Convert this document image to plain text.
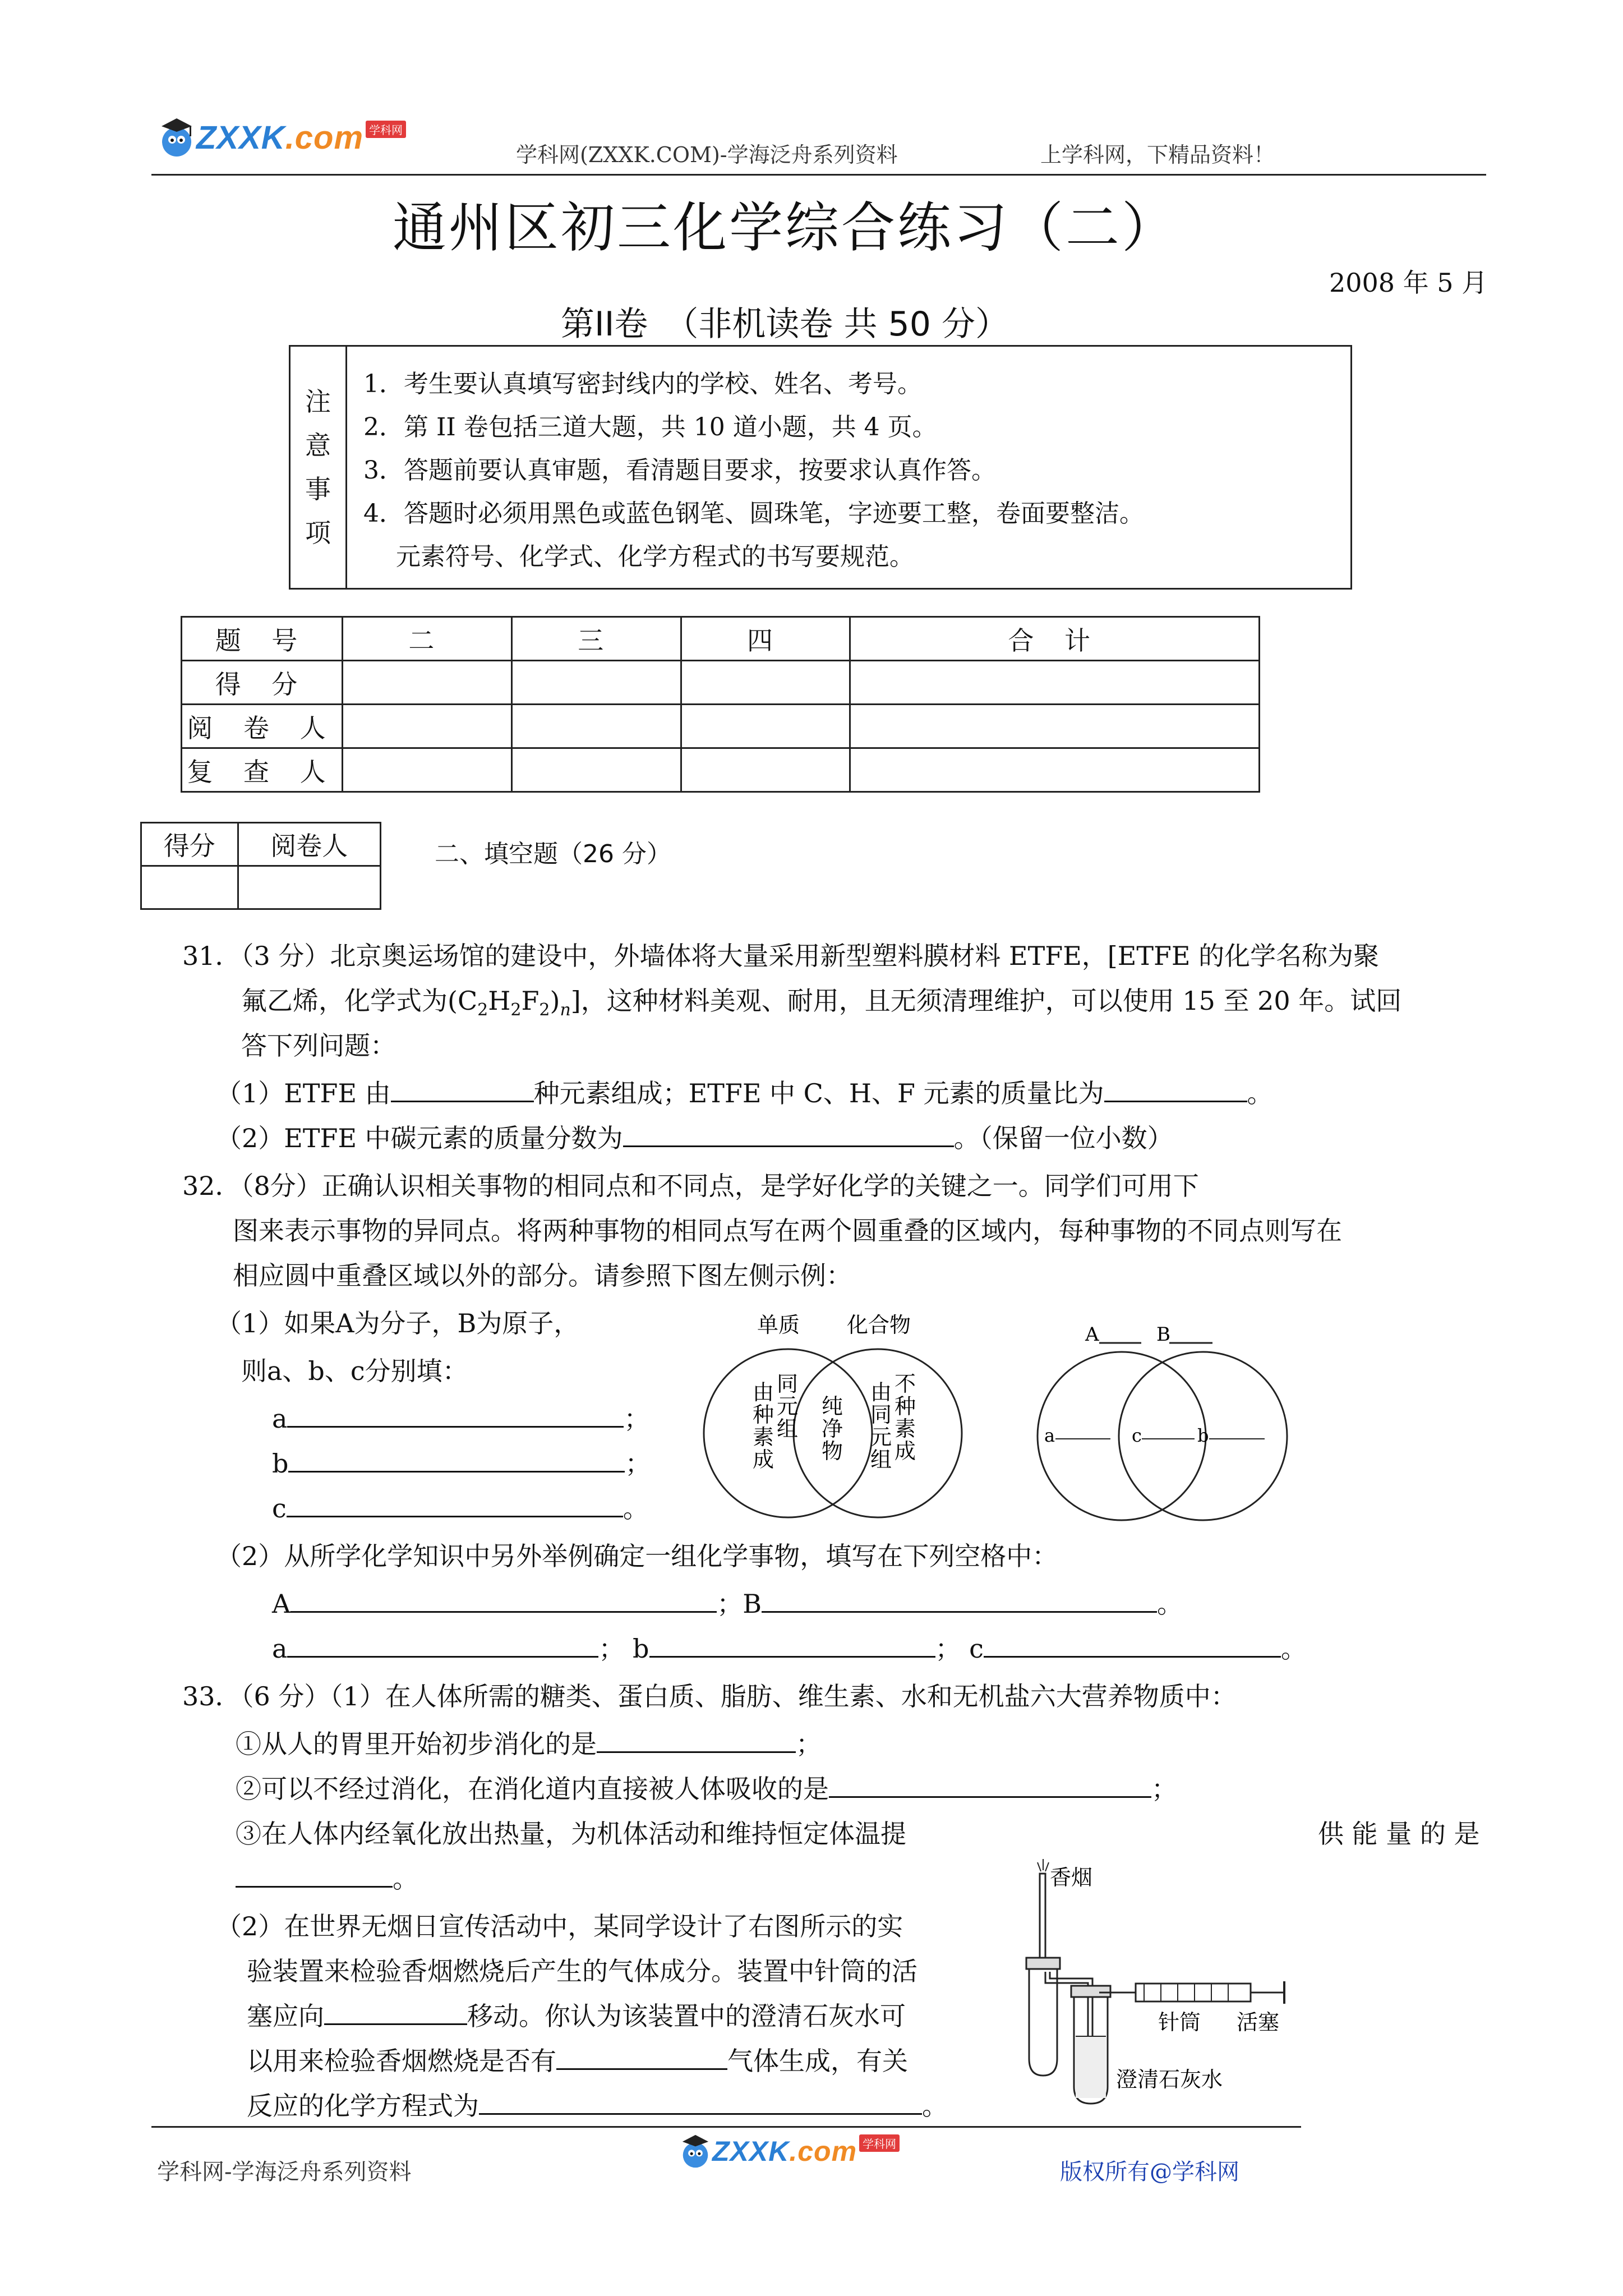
ZXXK.com 学科网
学科网(ZXXK.COM)-学海泛舟系列资料	上学科网，下精品资料！
通州区初三化学综合练习（二）
2008 年 5 月
第II卷　（非机读卷 共 50 分）
注
意
事
项
1．考生要认真填写密封线内的学校、姓名、考号。
2．第 II 卷包括三道大题，共 10 道小题，共 4 页。
3．答题前要认真审题，看清题目要求，按要求认真作答。
4．答题时必须用黑色或蓝色钢笔、圆珠笔，字迹要工整，卷面要整洁。
　 元素符号、化学式、化学方程式的书写要规范。
题 号	二	三	四	合 计
得 分				
阅 卷 人				
复 查 人				
得分	阅卷人
		二、填空题（26 分）
31．（3 分）北京奥运场馆的建设中，外墙体将大量采用新型塑料膜材料 ETFE，[ETFE 的化学名称为聚
氟乙烯，化学式为$(C_2H_2F_2)_n$]，这种材料美观、耐用，且无须清理维护，可以使用 15 至 20 年。试回
答下列问题：
（1）ETFE 由	种元素组成；ETFE 中 C、H、F 元素的质量比为	。
（2）ETFE 中碳元素的质量分数为	。（保留一位小数）
32．（8分）正确认识相关事物的相同点和不同点，是学好化学的关键之一。同学们可用下
图来表示事物的异同点。将两种事物的相同点写在两个圆重叠的区域内，每种事物的不同点则写在
相应圆中重叠区域以外的部分。请参照下图左侧示例：
（1）如果A为分子，B为原子，
则a、b、c分别填：
a	；
b	；
c	。
单质 化合物
由
种
素
成
同
元
组
纯
净
物
由
同
元
组
不
种
素
成
A	B
a	c	b
（2）从所学化学知识中另外举例确定一组化学事物，填写在下列空格中：
A	；B	。
a	； b	； c	。
33．（6 分）（1）在人体所需的糖类、蛋白质、脂肪、维生素、水和无机盐六大营养物质中：
①从人的胃里开始初步消化的是	；
②可以不经过消化，在消化道内直接被人体吸收的是	；
③在人体内经氧化放出热量，为机体活动和维持恒定体温提	供 能 量 的 是
。
（2）在世界无烟日宣传活动中，某同学设计了右图所示的实
验装置来检验香烟燃烧后产生的气体成分。装置中针筒的活
塞应向	移动。你认为该装置中的澄清石灰水可
以用来检验香烟燃烧是否有	气体生成，有关
反应的化学方程式为	。
香烟
针筒 活塞
澄清石灰水
学科网-学海泛舟系列资料
ZXXK.com 学科网
版权所有@学科网
